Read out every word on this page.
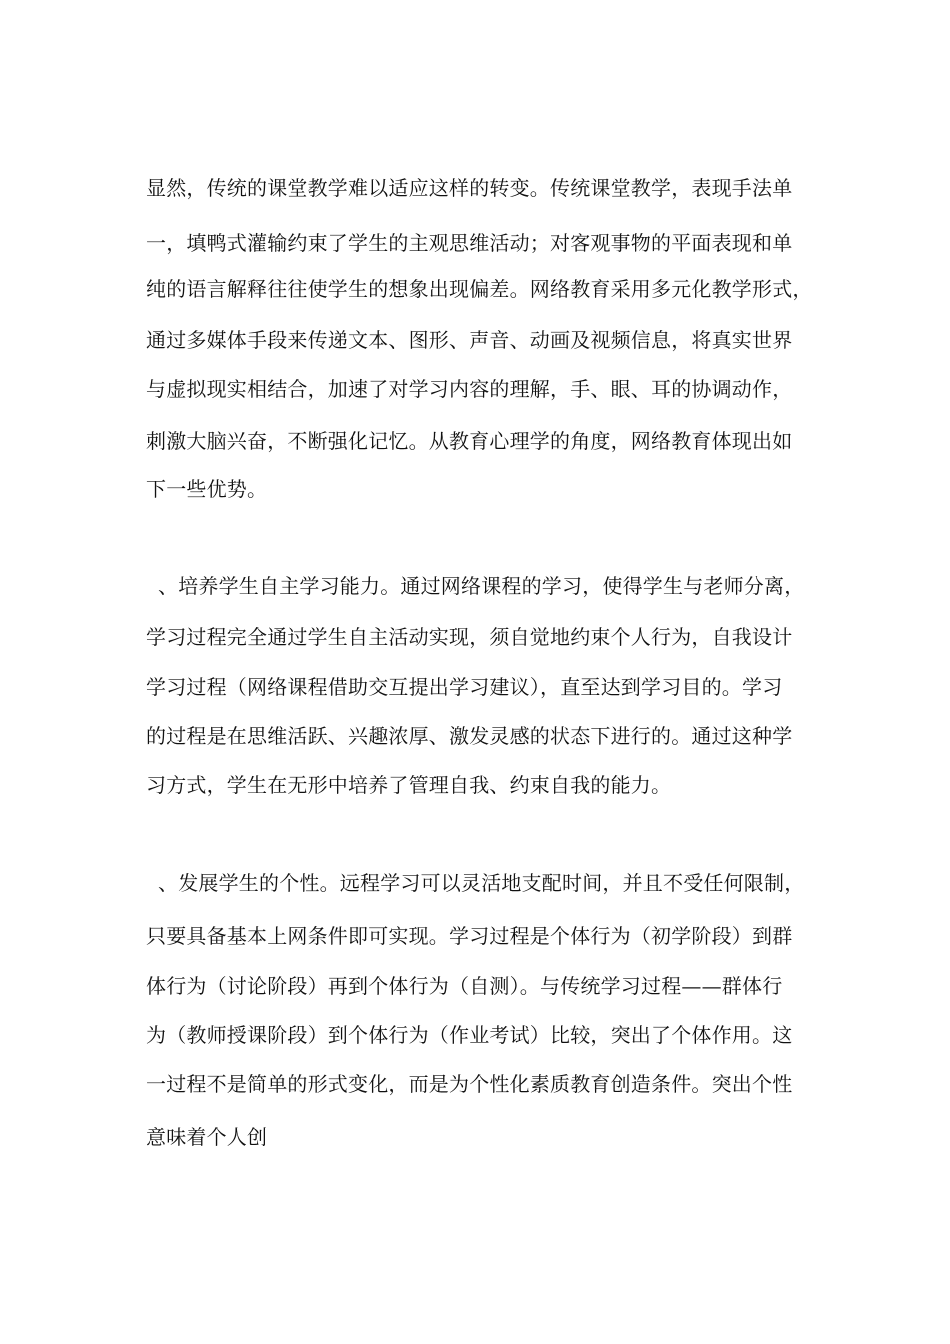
显然，传统的课堂教学难以适应这样的转变。传统课堂教学，表现手法单
一，填鸭式灌输约束了学生的主观思维活动；对客观事物的平面表现和单
纯的语言解释往往使学生的想象出现偏差。网络教育采用多元化教学形式，
通过多媒体手段来传递文本、图形、声音、动画及视频信息，将真实世界
与虚拟现实相结合，加速了对学习内容的理解，手、眼、耳的协调动作，
刺激大脑兴奋，不断强化记忆。从教育心理学的角度，网络教育体现出如
下一些优势。
、培养学生自主学习能力。通过网络课程的学习，使得学生与老师分离，
学习过程完全通过学生自主活动实现，须自觉地约束个人行为，自我设计
学习过程（网络课程借助交互提出学习建议），直至达到学习目的。学习
的过程是在思维活跃、兴趣浓厚、激发灵感的状态下进行的。通过这种学
习方式，学生在无形中培养了管理自我、约束自我的能力。
、发展学生的个性。远程学习可以灵活地支配时间，并且不受任何限制，
只要具备基本上网条件即可实现。学习过程是个体行为（初学阶段）到群
体行为（讨论阶段）再到个体行为（自测）。与传统学习过程——群体行
为（教师授课阶段）到个体行为（作业考试）比较，突出了个体作用。这
一过程不是简单的形式变化，而是为个性化素质教育创造条件。突出个性
意味着个人创
